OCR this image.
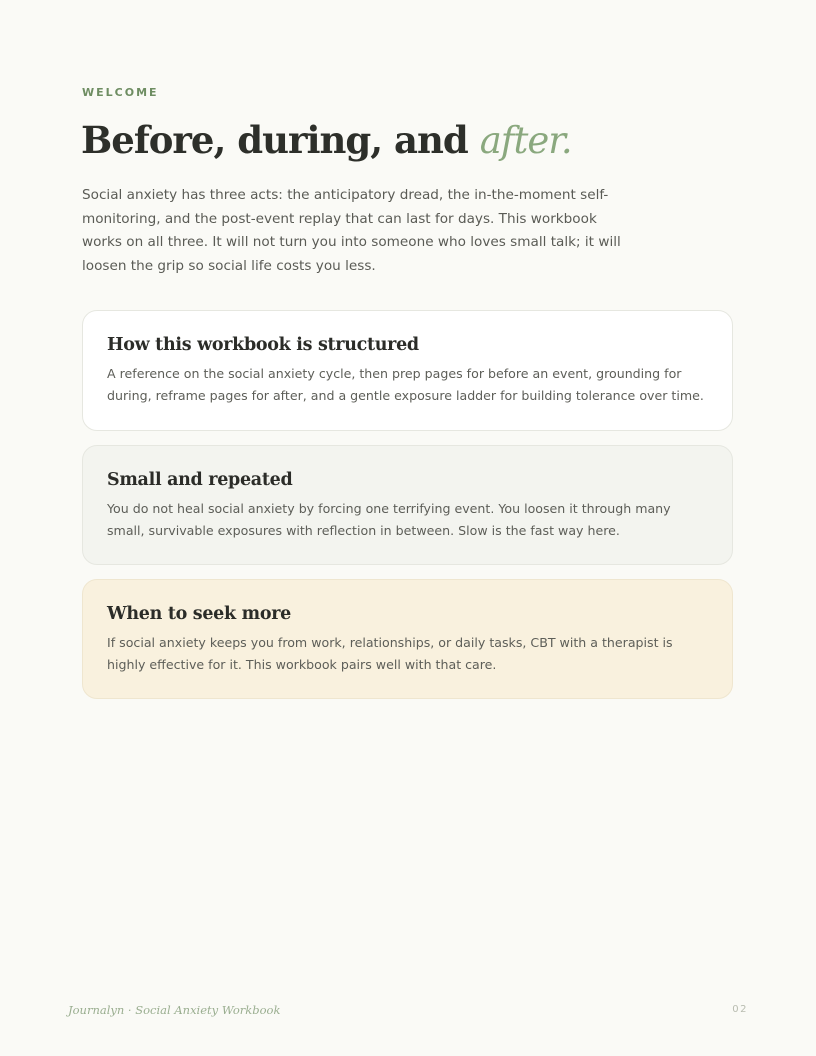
WELCOME

Before, during, and after.

Social anxiety has three acts: the anticipatory dread, the in-the-moment self-monitoring, and the post-event replay that can last for days. This workbook works on all three. It will not turn you into someone who loves small talk; it will loosen the grip so social life costs you less.

How this workbook is structured

A reference on the social anxiety cycle, then prep pages for before an event, grounding for during, reframe pages for after, and a gentle exposure ladder for building tolerance over time.

Small and repeated

You do not heal social anxiety by forcing one terrifying event. You loosen it through many small, survivable exposures with reflection in between. Slow is the fast way here.

When to seek more

If social anxiety keeps you from work, relationships, or daily tasks, CBT with a therapist is highly effective for it. This workbook pairs well with that care.

Journalyn · Social Anxiety Workbook	02
